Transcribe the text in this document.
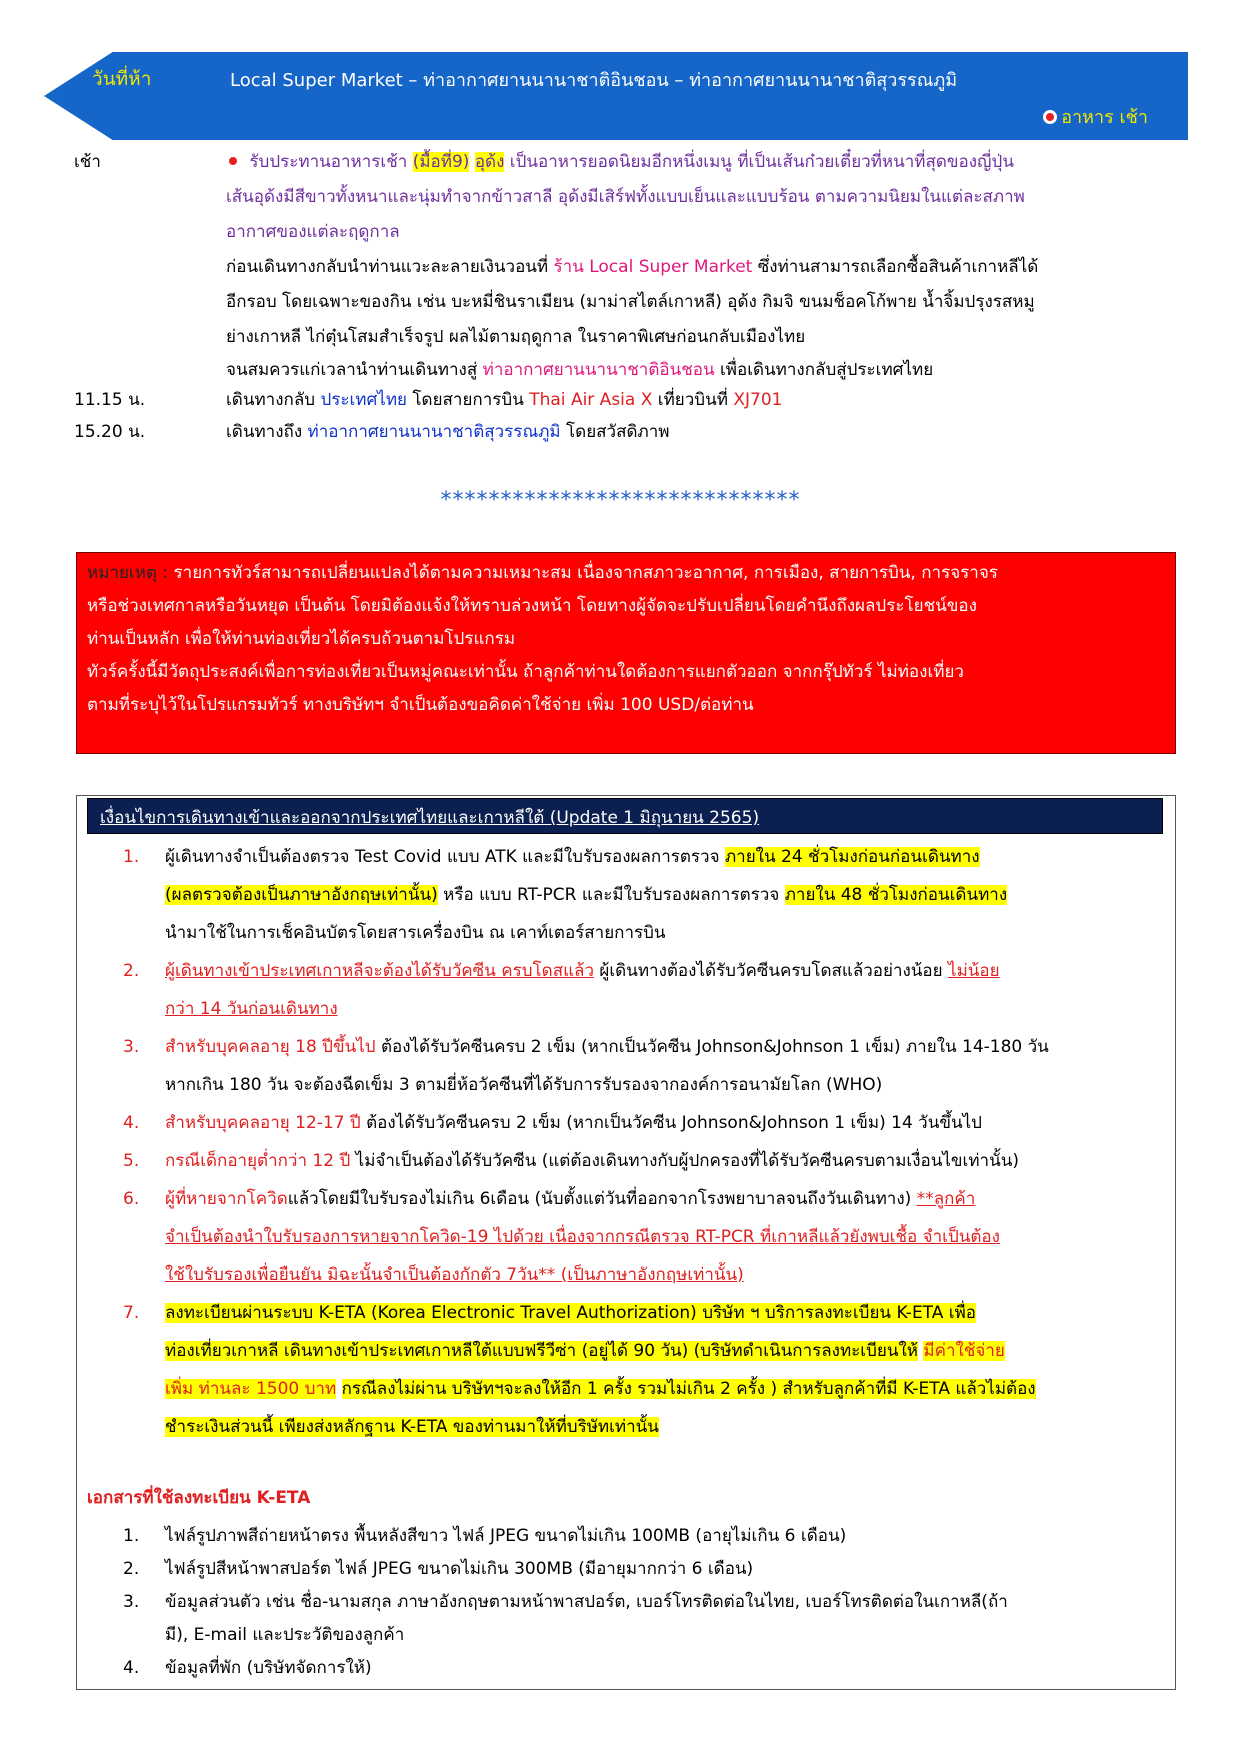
วันที่ห้า	Local Super Market – ท่าอากาศยานนานาชาติอินชอน – ท่าอากาศยานนานาชาติสุวรรณภูมิ
อาหาร เช้า
เช้า	รับประทานอาหารเช้า (มื้อที่9) อุด้ง เป็นอาหารยอดนิยมอีกหนึ่งเมนู ที่เป็นเส้นก๋วยเตี๋ยวที่หนาที่สุดของญี่ปุ่น
เส้นอุด้งมีสีขาวทั้งหนาและนุ่มทำจากข้าวสาลี อุด้งมีเสิร์ฟทั้งแบบเย็นและแบบร้อน ตามความนิยมในแต่ละสภาพ
อากาศของแต่ละฤดูกาล
ก่อนเดินทางกลับนำท่านแวะละลายเงินวอนที่ ร้าน Local Super Market ซึ่งท่านสามารถเลือกซื้อสินค้าเกาหลีได้
อีกรอบ โดยเฉพาะของกิน เช่น บะหมี่ชินราเมียน (มาม่าสไตล์เกาหลี) อุด้ง กิมจิ ขนมช็อคโก้พาย น้ำจิ้มปรุงรสหมู
ย่างเกาหลี ไก่ตุ๋นโสมสำเร็จรูป ผลไม้ตามฤดูกาล ในราคาพิเศษก่อนกลับเมืองไทย
จนสมควรแก่เวลานำท่านเดินทางสู่ ท่าอากาศยานนานาชาติอินชอน เพื่อเดินทางกลับสู่ประเทศไทย
11.15 น.	เดินทางกลับ ประเทศไทย โดยสายการบิน Thai Air Asia X เที่ยวบินที่ XJ701
15.20 น.	เดินทางถึง ท่าอากาศยานนานาชาติสุวรรณภูมิ โดยสวัสดิภาพ
******************************
หมายเหตุ : รายการทัวร์สามารถเปลี่ยนแปลงได้ตามความเหมาะสม เนื่องจากสภาวะอากาศ, การเมือง, สายการบิน, การจราจร
หรือช่วงเทศกาลหรือวันหยุด เป็นต้น โดยมิต้องแจ้งให้ทราบล่วงหน้า โดยทางผู้จัดจะปรับเปลี่ยนโดยคำนึงถึงผลประโยชน์ของ
ท่านเป็นหลัก เพื่อให้ท่านท่องเที่ยวได้ครบถ้วนตามโปรแกรม
ทัวร์ครั้งนี้มีวัตถุประสงค์เพื่อการท่องเที่ยวเป็นหมู่คณะเท่านั้น ถ้าลูกค้าท่านใดต้องการแยกตัวออก จากกรุ๊ปทัวร์ ไม่ท่องเที่ยว
ตามที่ระบุไว้ในโปรแกรมทัวร์ ทางบริษัทฯ จำเป็นต้องขอคิดค่าใช้จ่าย เพิ่ม 100 USD/ต่อท่าน
เงื่อนไขการเดินทางเข้าและออกจากประเทศไทยและเกาหลีใต้ (Update 1 มิถุนายน 2565)
1.	ผู้เดินทางจำเป็นต้องตรวจ Test Covid แบบ ATK และมีใบรับรองผลการตรวจ ภายใน 24 ชั่วโมงก่อนก่อนเดินทาง
(ผลตรวจต้องเป็นภาษาอังกฤษเท่านั้น) หรือ แบบ RT-PCR และมีใบรับรองผลการตรวจ ภายใน 48 ชั่วโมงก่อนเดินทาง
นำมาใช้ในการเช็คอินบัตรโดยสารเครื่องบิน ณ เคาท์เตอร์สายการบิน
2.	ผู้เดินทางเข้าประเทศเกาหลีจะต้องได้รับวัคซีน ครบโดสแล้ว ผู้เดินทางต้องได้รับวัคซีนครบโดสแล้วอย่างน้อย ไม่น้อย
กว่า 14 วันก่อนเดินทาง
3.	สำหรับบุคคลอายุ 18 ปีขึ้นไป ต้องได้รับวัคซีนครบ 2 เข็ม (หากเป็นวัคซีน Johnson&Johnson 1 เข็ม) ภายใน 14-180 วัน
หากเกิน 180 วัน จะต้องฉีดเข็ม 3 ตามยี่ห้อวัคซีนที่ได้รับการรับรองจากองค์การอนามัยโลก (WHO)
4.	สำหรับบุคคลอายุ 12-17 ปี ต้องได้รับวัคซีนครบ 2 เข็ม (หากเป็นวัคซีน Johnson&Johnson 1 เข็ม) 14 วันขึ้นไป
5.	กรณีเด็กอายุต่ำกว่า 12 ปี ไม่จำเป็นต้องได้รับวัคซีน (แต่ต้องเดินทางกับผู้ปกครองที่ได้รับวัคซีนครบตามเงื่อนไขเท่านั้น)
6.	ผู้ที่หายจากโควิดแล้วโดยมีใบรับรองไม่เกิน 6เดือน (นับตั้งแต่วันที่ออกจากโรงพยาบาลจนถึงวันเดินทาง) **ลูกค้า
จำเป็นต้องนำใบรับรองการหายจากโควิด-19 ไปด้วย เนื่องจากกรณีตรวจ RT-PCR ที่เกาหลีแล้วยังพบเชื้อ จำเป็นต้อง
ใช้ใบรับรองเพื่อยืนยัน มิฉะนั้นจำเป็นต้องกักตัว 7วัน** (เป็นภาษาอังกฤษเท่านั้น)
7.	ลงทะเบียนผ่านระบบ K-ETA (Korea Electronic Travel Authorization) บริษัท ฯ บริการลงทะเบียน K-ETA เพื่อ
ท่องเที่ยวเกาหลี เดินทางเข้าประเทศเกาหลีใต้แบบฟรีวีซ่า (อยู่ได้ 90 วัน) (บริษัทดำเนินการลงทะเบียนให้ มีค่าใช้จ่าย
เพิ่ม ท่านละ 1500 บาท กรณีลงไม่ผ่าน บริษัทฯจะลงให้อีก 1 ครั้ง รวมไม่เกิน 2 ครั้ง ) สำหรับลูกค้าที่มี K-ETA แล้วไม่ต้อง
ชำระเงินส่วนนี้ เพียงส่งหลักฐาน K-ETA ของท่านมาให้ที่บริษัทเท่านั้น
เอกสารที่ใช้ลงทะเบียน K-ETA
1.	ไฟล์รูปภาพสีถ่ายหน้าตรง พื้นหลังสีขาว ไฟล์ JPEG ขนาดไม่เกิน 100MB (อายุไม่เกิน 6 เดือน)
2.	ไฟล์รูปสีหน้าพาสปอร์ต ไฟล์ JPEG ขนาดไม่เกิน 300MB (มีอายุมากกว่า 6 เดือน)
3.	ข้อมูลส่วนตัว เช่น ชื่อ-นามสกุล ภาษาอังกฤษตามหน้าพาสปอร์ต, เบอร์โทรติดต่อในไทย, เบอร์โทรติดต่อในเกาหลี(ถ้า
มี), E-mail และประวัติของลูกค้า
4.	ข้อมูลที่พัก (บริษัทจัดการให้)
